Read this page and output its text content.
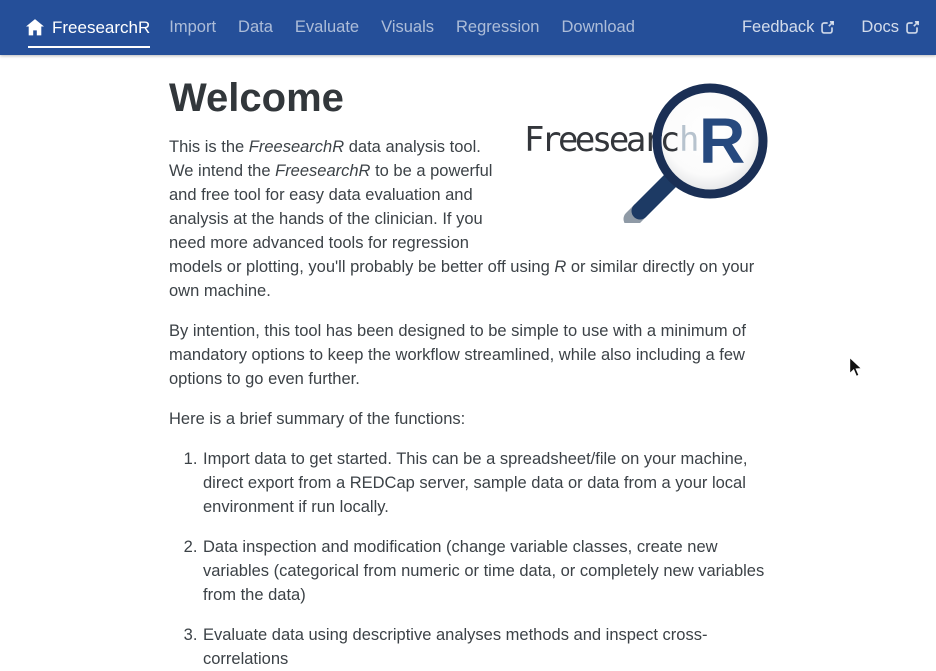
FreesearchR	Import	Data	Evaluate	Visuals	Regression	Download	Feedback	Docs
Freesearc h R
Welcome

This is the FreesearchR data analysis tool. We intend the FreesearchR to be a powerful and free tool for easy data evaluation and analysis at the hands of the clinician. If you need more advanced tools for regression models or plotting, you'll probably be better off using R or similar directly on your own machine.

By intention, this tool has been designed to be simple to use with a minimum of mandatory options to keep the workflow streamlined, while also including a few options to go even further.

Here is a brief summary of the functions:

1. Import data to get started. This can be a spreadsheet/file on your machine, direct export from a REDCap server, sample data or data from a your local environment if run locally.
2. Data inspection and modification (change variable classes, create new variables (categorical from numeric or time data, or completely new variables from the data)
3. Evaluate data using descriptive analyses methods and inspect cross-correlations
